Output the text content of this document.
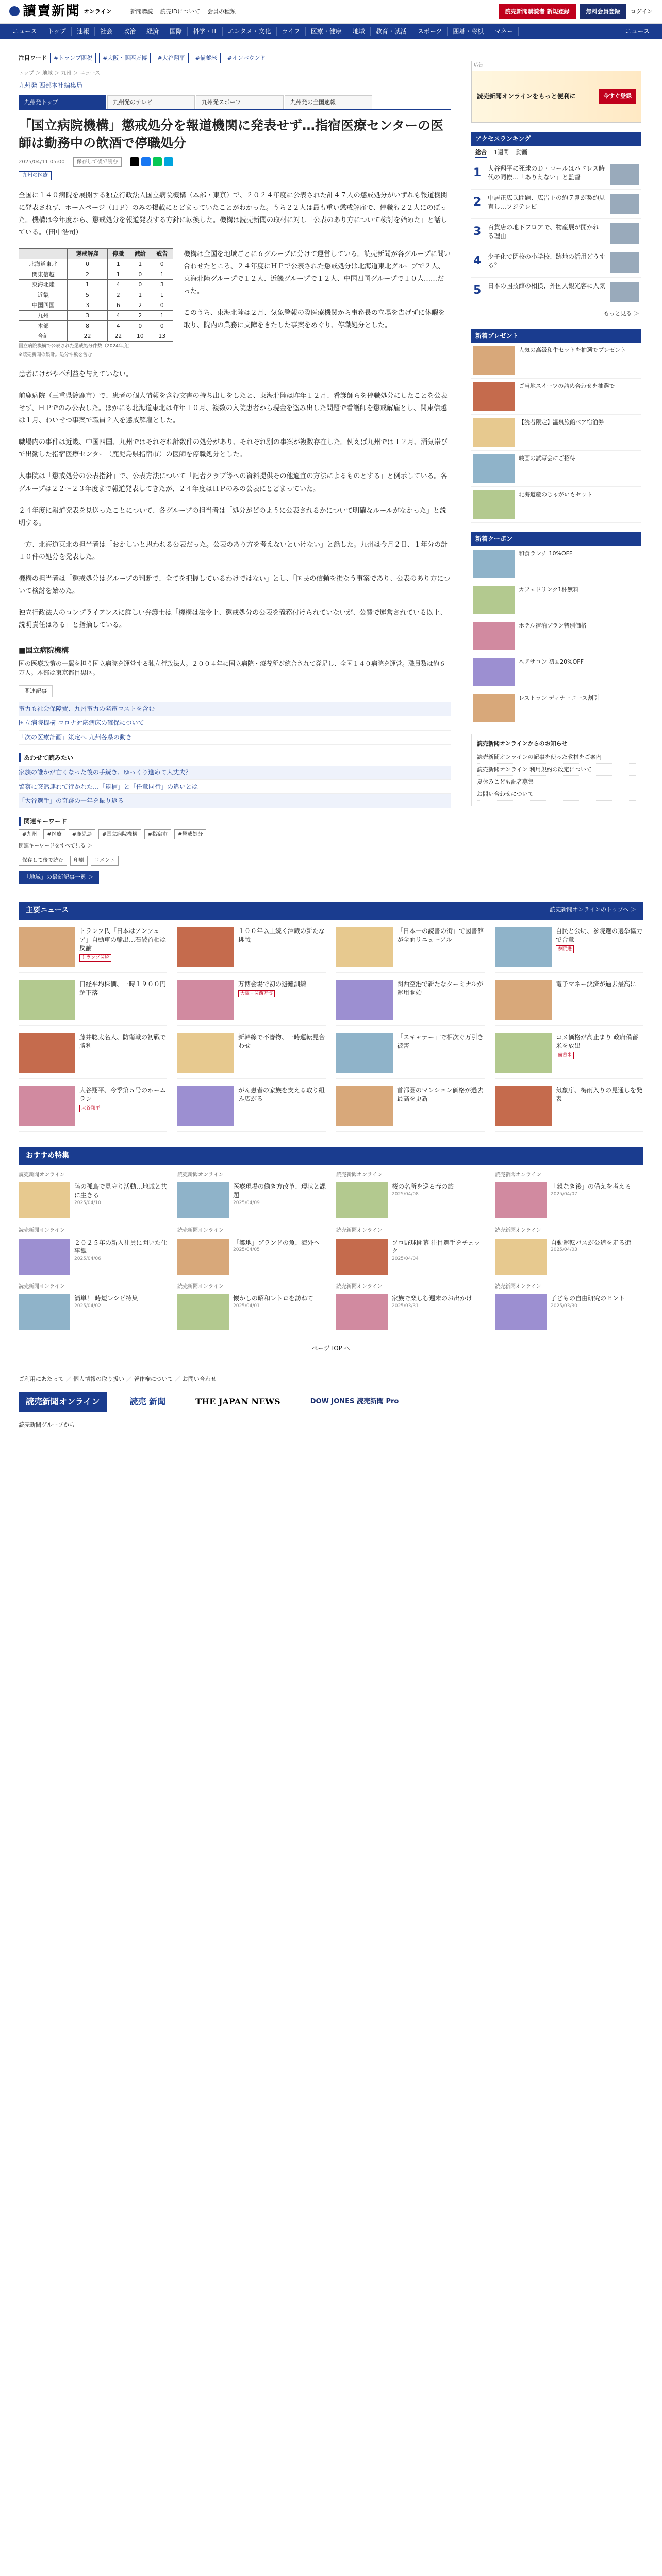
讀賣新聞 オンライン	新聞購読 読売IDについて 会員の種類	読売新聞購読者 新規登録	無料会員登録	ログイン
ニュース	トップ	速報	社会	政治	経済	国際	科学・IT	エンタメ・文化	ライフ	医療・健康	地域	教育・就活	スポーツ	囲碁・将棋	マネー	ニュース
注目ワード	#トランプ関税	#大阪・関西万博	#大谷翔平	#備蓄米	#インバウンド
トップ ＞ 地域 ＞ 九州 ＞ ニュース
九州発 西部本社編集局
九州発トップ	九州発のテレビ	九州発スポーツ	九州発の全国速報
「国立病院機構」懲戒処分を報道機関に発表せず…指宿医療センターの医師は勤務中の飲酒で停職処分
2025/04/11 05:00	保存して後で読む
九州の医療

全国に１４０病院を展開する独立行政法人国立病院機構（本部・東京）で、２０２４年度に公表された計４７人の懲戒処分がいずれも報道機関に発表されず、ホームページ（ＨＰ）のみの掲載にとどまっていたことがわかった。うち２２人は最も重い懲戒解雇で、停職も２２人にのぼった。機構は今年度から、懲戒処分を報道発表する方針に転換した。機構は読売新聞の取材に対し「公表のあり方について検討を始めた」と話している。（田中浩司）

	懲戒解雇	停職	減給	戒告
北海道東北	0	1	1	0
関東信越	2	1	0	1
東海北陸	1	4	0	3
近畿	5	2	1	1
中国四国	3	6	2	0
九州	3	4	2	1
本部	8	4	0	0
合計	22	22	10	13
国立病院機構で公表された懲戒処分件数（2024年度）
※読売新聞の集計。処分件数を含む

機構は全国を地域ごとに６グループに分けて運営している。読売新聞が各グループに問い合わせたところ、２４年度にＨＰで公表された懲戒処分は北海道東北グループで２人、東海北陸グループで１２人、近畿グループで１２人、中国四国グループで１０人……だった。

このうち、東海北陸は２月、気象警報の際医療機関から事務長の立場を告げずに休暇を取り、院内の業務に支障をきたした事案をめぐり、停職処分とした。

患者にけがや不利益を与えていない。

前鹿病院（三重県鈴鹿市）で、患者の個人情報を含む文書の持ち出しをしたと、東海北陸は昨年１２月、看護師らを停職処分にしたことを公表せず、ＨＰでのみ公表した。ほかにも北海道東北は昨年１０月、複数の入院患者から現金を盗み出した問題で看護師を懲戒解雇とし、関東信越は１月、わいせつ事案で職員２人を懲戒解雇とした。

職場内の事件は近畿、中国四国、九州ではそれぞれ計数件の処分があり、それぞれ別の事案が複数存在した。例えば九州では１２月、酒気帯びで出勤した指宿医療センター（鹿児島県指宿市）の医師を停職処分とした。

人事院は「懲戒処分の公表指針」で、公表方法について「記者クラブ等への資料提供その他適宜の方法によるものとする」と例示している。各グループは２２～２３年度まで報道発表してきたが、２４年度はＨＰのみの公表にとどまっていた。

２４年度に報道発表を見送ったことについて、各グループの担当者は「処分がどのように公表されるかについて明確なルールがなかった」と説明する。

一方、北海道東北の担当者は「おかしいと思われる公表だった。公表のあり方を考えないといけない」と話した。九州は今月２日、１年分の計１０件の処分を発表した。

機構の担当者は「懲戒処分はグループの判断で、全てを把握しているわけではない」とし、「国民の信頼を損なう事案であり、公表のあり方について検討を始めた。

独立行政法人のコンプライアンスに詳しい弁護士は「機構は法令上、懲戒処分の公表を義務付けられていないが、公費で運営されている以上、説明責任はある」と指摘している。

■国立病院機構
国の医療政策の一翼を担う国立病院を運営する独立行政法人。２００４年に国立病院・療養所が統合されて発足し、全国１４０病院を運営。職員数は約６万人。本部は東京都目黒区。
関連記事
電力も社会保障費、九州電力の発電コストを含む
国立病院機構 コロナ対応病床の確保について
「次の医療計画」策定へ 九州各県の動き
あわせて読みたい
家族の誰かが亡くなった後の手続き、ゆっくり進めて大丈夫？
警察に突然連れて行かれた…「逮捕」と「任意同行」の違いとは
「大谷選手」の奇跡の一年を振り返る
関連キーワード
#九州	#医療	#鹿児島	#国立病院機構	#指宿市	#懲戒処分
関連キーワードをすべて見る ＞
保存して後で読む	印刷	コメント
「地域」の最新記事一覧 ＞
広告
読売新聞オンラインをもっと便利に	今すぐ登録
アクセスランキング
総合 1週間 動画
1 大谷翔平に死球のＤ・コールはパドレス時代の同僚…「ありえない」と監督
2 中居正広氏問題、広告主の約７割が契約見直し…フジテレビ
3 百貨店の地下フロアで、物産展が開かれる理由
4 少子化で閉校の小学校、跡地の活用どうする？
5 日本の国技館の相撲、外国人観光客に人気
もっと見る ＞
新着プレゼント
人気の高級和牛セットを抽選でプレゼント
ご当地スイーツの詰め合わせを抽選で
【読者限定】温泉旅館ペア宿泊券
映画の試写会にご招待
北海道産のじゃがいもセット
新着クーポン
和食ランチ 10%OFF
カフェドリンク1杯無料
ホテル宿泊プラン特別価格
ヘアサロン 初回20%OFF
レストラン ディナーコース割引
読売新聞オンラインからのお知らせ
読売新聞オンラインの記事を使った教材をご案内
読売新聞オンライン 利用規約の改定について
夏休みこども記者募集
お問い合わせについて
主要ニュース	読売新聞オンラインのトップへ ＞
トランプ氏「日本はアンフェア」自動車の輸出…石破首相は反論
トランプ関税
１００年以上続く酒蔵の新たな挑戦
「日本一の読書の街」で図書館が全面リニューアル
自民と公明、参院選の選挙協力で合意
参院選
日経平均株価、一時１９００円超下落
万博会場で初の避難訓練
大阪・関西万博
関西空港で新たなターミナルが運用開始
電子マネー決済が過去最高に
藤井聡太名人、防衛戦の初戦で勝利
新幹線で不審物、一時運転見合わせ
「スキャナー」で相次ぐ万引き被害
コメ価格が高止まり 政府備蓄米を放出
備蓄米
大谷翔平、今季第５号のホームラン
大谷翔平
がん患者の家族を支える取り組み広がる
首都圏のマンション価格が過去最高を更新
気象庁、梅雨入りの見通しを発表
おすすめ特集
読売新聞オンライン
陸の孤島で見守り活動…地域と共に生きる
2025/04/10
読売新聞オンライン
医療現場の働き方改革、現状と課題
2025/04/09
読売新聞オンライン
桜の名所を巡る春の旅
2025/04/08
読売新聞オンライン
「親なき後」の備えを考える
2025/04/07
読売新聞オンライン
２０２５年の新入社員に聞いた仕事観
2025/04/06
読売新聞オンライン
「築地」ブランドの魚、海外へ
2025/04/05
読売新聞オンライン
プロ野球開幕 注目選手をチェック
2025/04/04
読売新聞オンライン
自動運転バスが公道を走る街
2025/04/03
読売新聞オンライン
簡単！ 時短レシピ特集
2025/04/02
読売新聞オンライン
懐かしの昭和レトロを訪ねて
2025/04/01
読売新聞オンライン
家族で楽しむ週末のお出かけ
2025/03/31
読売新聞オンライン
子どもの自由研究のヒント
2025/03/30
ページTOP へ
ご利用にあたって ／ 個人情報の取り扱い ／ 著作権について ／ お問い合わせ
読売新聞オンライン	読売 新聞	THE JAPAN NEWS	DOW JONES 読売新聞 Pro
読売新聞グループから
